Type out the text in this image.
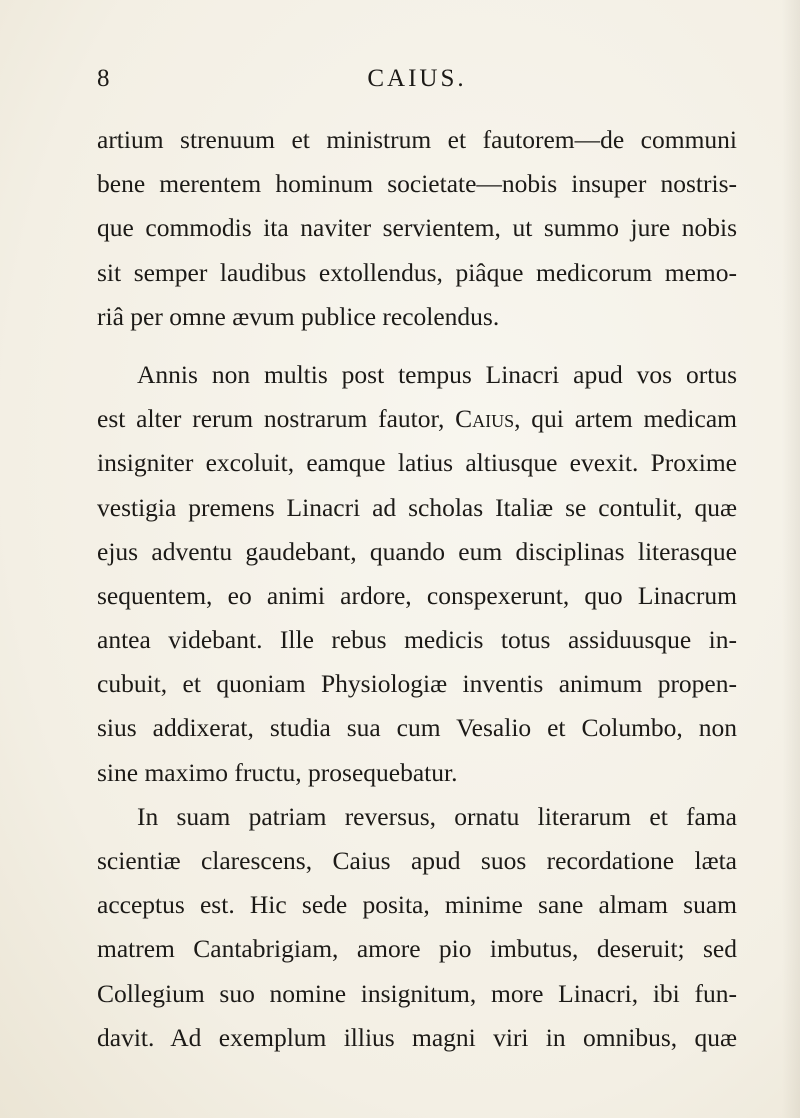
8	CAIUS.
artium strenuum et ministrum et fautorem—de communi
bene merentem hominum societate—nobis insuper nostris-
que commodis ita naviter servientem, ut summo jure nobis
sit semper laudibus extollendus, piâque medicorum memo-
riâ per omne ævum publice recolendus.
Annis non multis post tempus Linacri apud vos ortus
est alter rerum nostrarum fautor, Caius, qui artem medicam
insigniter excoluit, eamque latius altiusque evexit. Proxime
vestigia premens Linacri ad scholas Italiæ se contulit, quæ
ejus adventu gaudebant, quando eum disciplinas literasque
sequentem, eo animi ardore, conspexerunt, quo Linacrum
antea videbant. Ille rebus medicis totus assiduusque in-
cubuit, et quoniam Physiologiæ inventis animum propen-
sius addixerat, studia sua cum Vesalio et Columbo, non
sine maximo fructu, prosequebatur.
In suam patriam reversus, ornatu literarum et fama
scientiæ clarescens, Caius apud suos recordatione læta
acceptus est. Hic sede posita, minime sane almam suam
matrem Cantabrigiam, amore pio imbutus, deseruit; sed
Collegium suo nomine insignitum, more Linacri, ibi fun-
davit. Ad exemplum illius magni viri in omnibus, quæ
